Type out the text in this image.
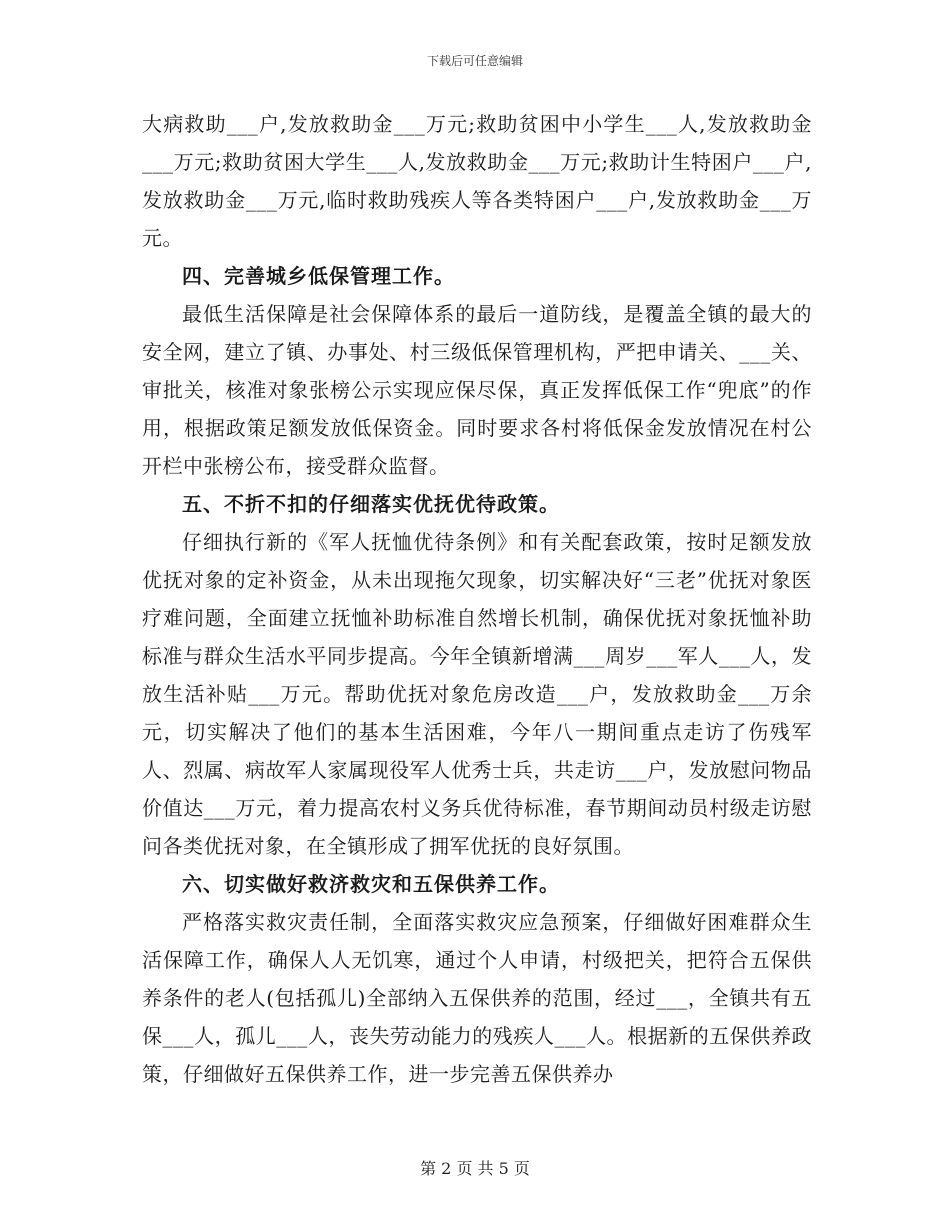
下载后可任意编辑

大病救助___户,发放救助金___万元;救助贫困中小学生___人,发放救助金___万元;救助贫困大学生___人,发放救助金___万元;救助计生特困户___户,发放救助金___万元,临时救助残疾人等各类特困户___户,发放救助金___万元。

四、完善城乡低保管理工作。

最低生活保障是社会保障体系的最后一道防线，是覆盖全镇的最大的安全网，建立了镇、办事处、村三级低保管理机构，严把申请关、___关、审批关，核准对象张榜公示实现应保尽保，真正发挥低保工作“兜底”的作用，根据政策足额发放低保资金。同时要求各村将低保金发放情况在村公开栏中张榜公布，接受群众监督。

五、不折不扣的仔细落实优抚优待政策。

仔细执行新的《军人抚恤优待条例》和有关配套政策，按时足额发放优抚对象的定补资金，从未出现拖欠现象，切实解决好“三老”优抚对象医疗难问题，全面建立抚恤补助标准自然增长机制，确保优抚对象抚恤补助标准与群众生活水平同步提高。今年全镇新增满___周岁___军人___人，发放生活补贴___万元。帮助优抚对象危房改造___户，发放救助金___万余元，切实解决了他们的基本生活困难，今年八一期间重点走访了伤残军人、烈属、病故军人家属现役军人优秀士兵，共走访___户，发放慰问物品价值达___万元，着力提高农村义务兵优待标准，春节期间动员村级走访慰问各类优抚对象，在全镇形成了拥军优抚的良好氛围。

六、切实做好救济救灾和五保供养工作。

严格落实救灾责任制，全面落实救灾应急预案，仔细做好困难群众生活保障工作，确保人人无饥寒，通过个人申请，村级把关，把符合五保供养条件的老人(包括孤儿)全部纳入五保供养的范围，经过___，全镇共有五保___人，孤儿___人，丧失劳动能力的残疾人___人。根据新的五保供养政策，仔细做好五保供养工作，进一步完善五保供养办

第 2 页 共 5 页
